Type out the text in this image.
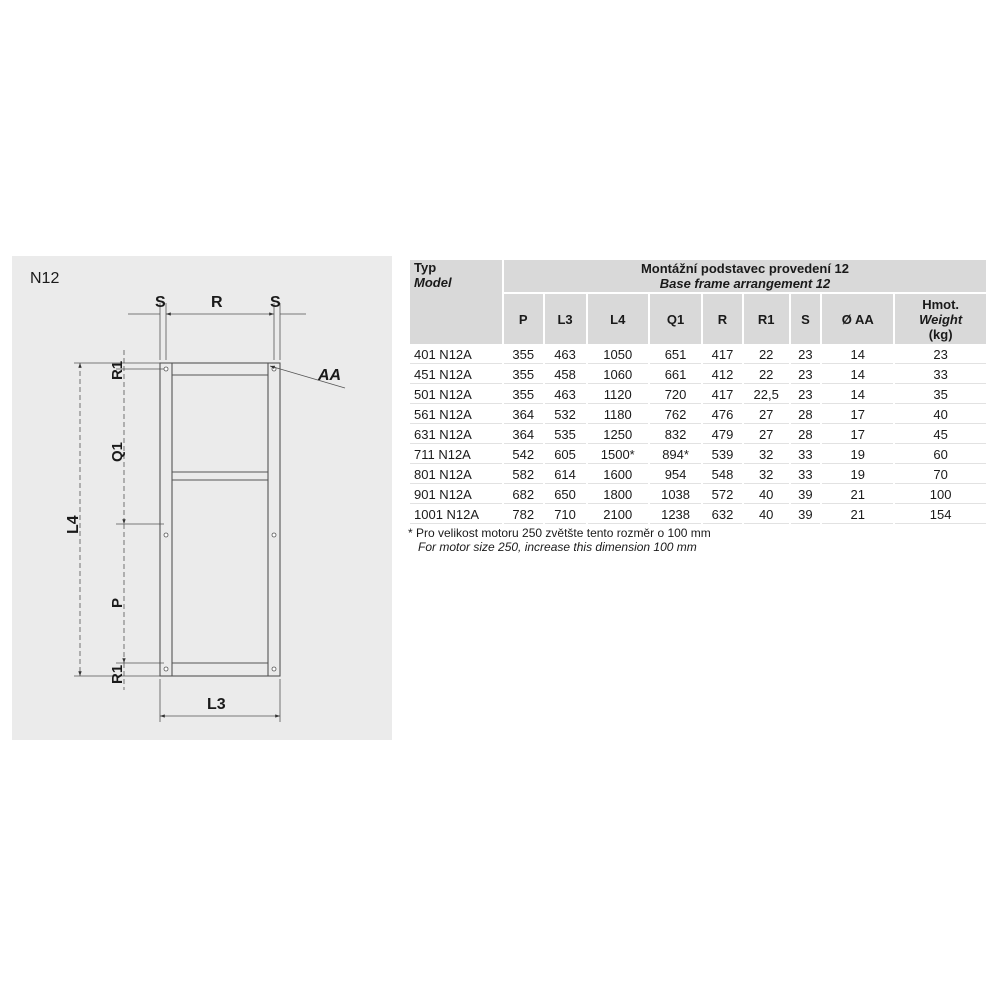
N12
S	R	S
AA
R1
Q1
L4
P
R1
L3
Typ
Model	Montážní podstavec provedení 12
Base frame arrangement 12								

	P	L3	L4	Q1	R	R1	S	Ø AA	Hmot.
Weight
(kg)

401 N12A	355	463	1050	651	417	22	23	14	23
451 N12A	355	458	1060	661	412	22	23	14	33
501 N12A	355	463	1120	720	417	22,5	23	14	35
561 N12A	364	532	1180	762	476	27	28	17	40
631 N12A	364	535	1250	832	479	27	28	17	45
711 N12A	542	605	1500*	894*	539	32	33	19	60
801 N12A	582	614	1600	954	548	32	33	19	70
901 N12A	682	650	1800	1038	572	40	39	21	100
1001 N12A	782	710	2100	1238	632	40	39	21	154
* Pro velikost motoru 250 zvětšte tento rozměr o 100 mm
For motor size 250, increase this dimension 100 mm
